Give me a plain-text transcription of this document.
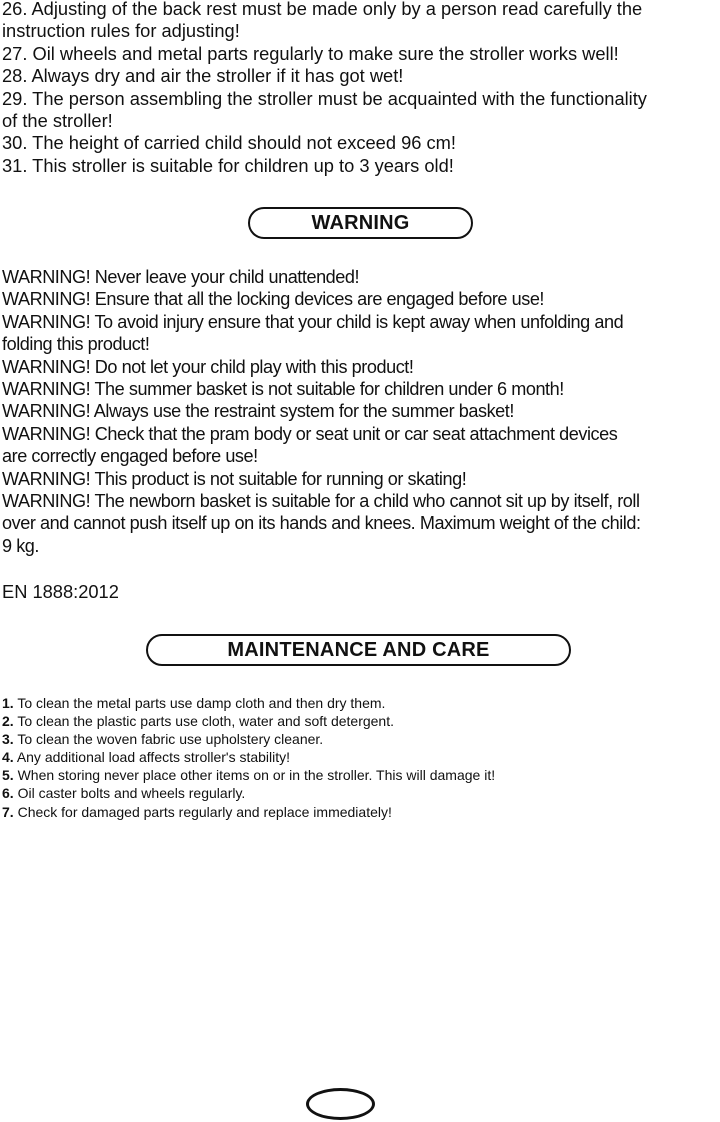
26. Adjusting of the back rest must be made only by a person read carefully the
instruction rules for adjusting!
27. Oil wheels and metal parts regularly to make sure the stroller works well!
28. Always dry and air the stroller if it has got wet!
29. The person assembling the stroller must be acquainted with the functionality
of the stroller!
30. The height of carried child should not exceed 96 cm!
31. This stroller is suitable for children up to 3 years old!
WARNING
WARNING! Never leave your child unattended!
WARNING! Ensure that all the locking devices are engaged before use!
WARNING! To avoid injury ensure that your child is kept away when unfolding and
folding this product!
WARNING! Do not let your child play with this product!
WARNING! The summer basket is not suitable for children under 6 month!
WARNING! Always use the restraint system for the summer basket!
WARNING! Check that the pram body or seat unit or car seat attachment devices
are correctly engaged before use!
WARNING! This product is not suitable for running or skating!
WARNING! The newborn basket is suitable for a child who cannot sit up by itself, roll
over and cannot push itself up on its hands and knees. Maximum weight of the child:
9 kg.
EN 1888:2012
MAINTENANCE AND CARE
1. To clean the metal parts use damp cloth and then dry them.
2. To clean the plastic parts use cloth, water and soft detergent.
3. To clean the woven fabric use upholstery cleaner.
4. Any additional load affects stroller's stability!
5. When storing never place other items on or in the stroller. This will damage it!
6. Oil caster bolts and wheels regularly.
7. Check for damaged parts regularly and replace immediately!
